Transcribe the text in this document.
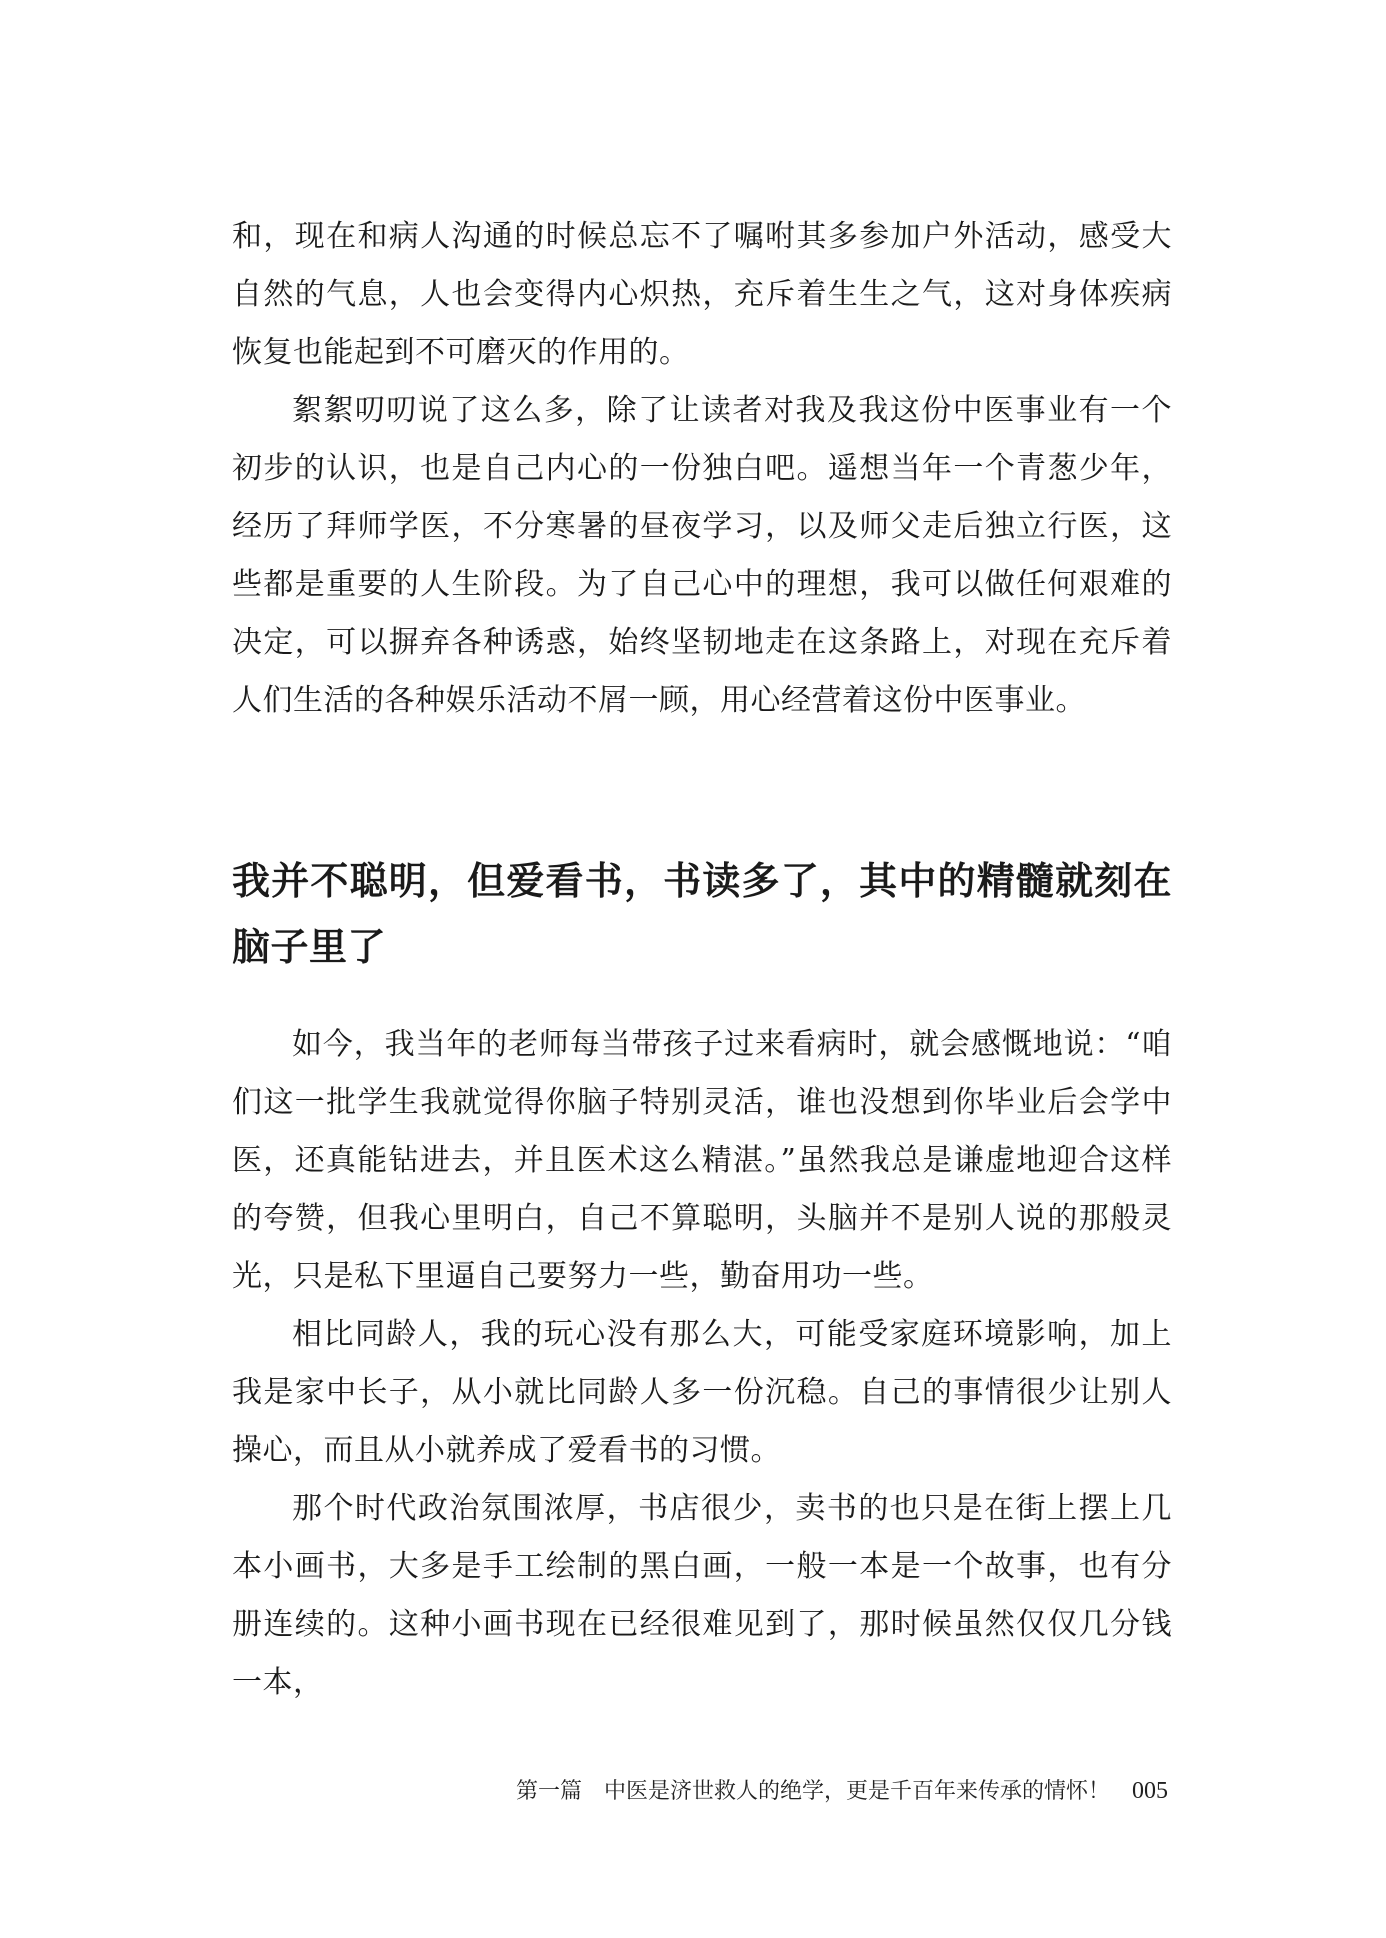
和，现在和病人沟通的时候总忘不了嘱咐其多参加户外活动，感受大自然的气息，人也会变得内心炽热，充斥着生生之气，这对身体疾病恢复也能起到不可磨灭的作用的。

絮絮叨叨说了这么多，除了让读者对我及我这份中医事业有一个初步的认识，也是自己内心的一份独白吧。遥想当年一个青葱少年，经历了拜师学医，不分寒暑的昼夜学习，以及师父走后独立行医，这些都是重要的人生阶段。为了自己心中的理想，我可以做任何艰难的决定，可以摒弃各种诱惑，始终坚韧地走在这条路上，对现在充斥着人们生活的各种娱乐活动不屑一顾，用心经营着这份中医事业。

我并不聪明，但爱看书，书读多了，其中的精髓就刻在脑子里了

如今，我当年的老师每当带孩子过来看病时，就会感慨地说：“咱们这一批学生我就觉得你脑子特别灵活，谁也没想到你毕业后会学中医，还真能钻进去，并且医术这么精湛。”虽然我总是谦虚地迎合这样的夸赞，但我心里明白，自己不算聪明，头脑并不是别人说的那般灵光，只是私下里逼自己要努力一些，勤奋用功一些。

相比同龄人，我的玩心没有那么大，可能受家庭环境影响，加上我是家中长子，从小就比同龄人多一份沉稳。自己的事情很少让别人操心，而且从小就养成了爱看书的习惯。

那个时代政治氛围浓厚，书店很少，卖书的也只是在街上摆上几本小画书，大多是手工绘制的黑白画，一般一本是一个故事，也有分册连续的。这种小画书现在已经很难见到了，那时候虽然仅仅几分钱一本，

第一篇 中医是济世救人的绝学，更是千百年来传承的情怀！ 005
